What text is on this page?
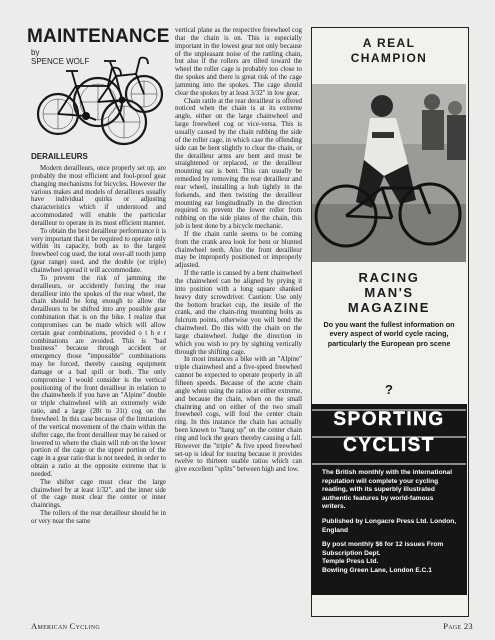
MAINTENANCE
by
SPENCE WOLF
DERAILLEURS

Modern derailleurs, once properly set up, are probably the most efficient and fool-proof gear changing mechanisms for bicycles. However the various makes and models of derailleurs usually have individual quirks or adjusting characteristics which if understood and accommodated will enable the particular derailleur to operate in its most efficient manner.

To obtain the best derailleur performance it is very important that it be required to operate only within its capacity, both as to the largest freewheel cog used, the total over-all tooth jump (gear range) used, and the double (or triple) chainwheel spread it will accommodate.

To prevent the risk of jamming the derailleurs, or accidently forcing the rear derailleur into the spokes of the rear wheel, the chain should be long enough to allow the derailleurs to be shifted into any possible gear combination that is on the bike. I realize that compromises can be made which will allow certain gear combinations, provided o t h e r combinations are avoided. This is "bad business" because through accident or emergency those "impossible" combinations may be forced, thereby causing equipment damage or a bad spill or both. The only compromise I would consider is the vertical positioning of the front derailleur in relation to the chainwheels if you have an "Alpine" double or triple chainwheel with an extremely wide ratio, and a large (28t to 31t) cog on the freewheel. In this case because of the limitations of the vertical movement of the chain within the shifter cage, the front derailleur may be raised or lowered to where the chain will rub on the lower portion of the cage or the upper portion of the cage in a gear ratio that is not needed, in order to obtain a ratio at the opposite extreme that is needed.

The shifter cage must clear the large chainwheel by at least 1/32", and the inner side of the cage must clear the center or inner chainrings.

The rollers of the rear derailleur should be in or very near the same

vertical plane as the respective freewheel cog that the chain is on. This is especially important in the lowest gear not only because of the unpleasant noise of the rattling chain, but also if the rollers are tilted toward the wheel the roller cage is probably too close to the spokes and there is great risk of the cage jamming into the spokes. The cage should clear the spokes by at least 3/32" in low gear.

Chain rattle at the rear derailleur is offered noticed when the chain is at its extreme angle, either on the large chainwheel and large freewheel cog or vice-versa. This is usually caused by the chain rubbing the side of the roller cage, in which case the offending side can be bent slightly to clear the chain, or the derailleur arms are bent and must be straightened or replaced, or the derailleur mounting ear is bent. This can usually be remedied by removing the rear derailleur and rear wheel, installing a hub tightly in the forkends, and then twisting the derailleur mounting ear longitudinally in the direction required to prevent the lower roller from rubbing on the side plates of the chain, this job is best done by a bicycle mechanic.

If the chain rattle seems to be coming from the crank area look for bent or blunted chainwheel teeth. Also the front derailleur may be improperly positioned or improperly adjusted.

If the rattle is caused by a bent chainwheel the chainwheel can be aligned by prying it into position with a long square shanked heavy duty screwdriver. Caution: Use only the bottom bracket cup, the inside of the crank, and the chain-ring mounting bolts as fulcrum points, otherwise you will bend the chainwheel. Do this with the chain on the large chainwheel. Judge the direction in which you wish to pry by sighting vertically through the shifting cage.

In most instances a bike with an "Alpine" triple chainwheel and a five-speed freewheel cannot be expected to operate properly in all fifteen speeds. Because of the acute chain angle when using the ratios at either extreme, and because the chain, when on the small chainring and on either of the two small freewheel cogs, will foul the center chain ring. In this instance the chain has actually been known to "hang up" on the center chain ring and lock the gears thereby causing a fall. However the "triple" & five speed freewheel set-up is ideal for touring because it provides twelve to thirteen usable ratios which can give excellent "splits" between high and low.

American Cycling	Page 23
A REAL
CHAMPION
RACING
MAN'S
MAGAZINE
Do you want the fullest information on every aspect of world cycle racing, particularly the European pro scene
?
SPORTING
CYCLIST

The British monthly with the international reputation will complete your cycling reading, with its superbly illustrated authentic features by world-famous writers.

Published by Longacre Press Ltd. London, England

By post monthly $6 for 12 issues From Subscription Dept.

Temple Press Ltd.
Bowling Green Lane, London E.C.1
